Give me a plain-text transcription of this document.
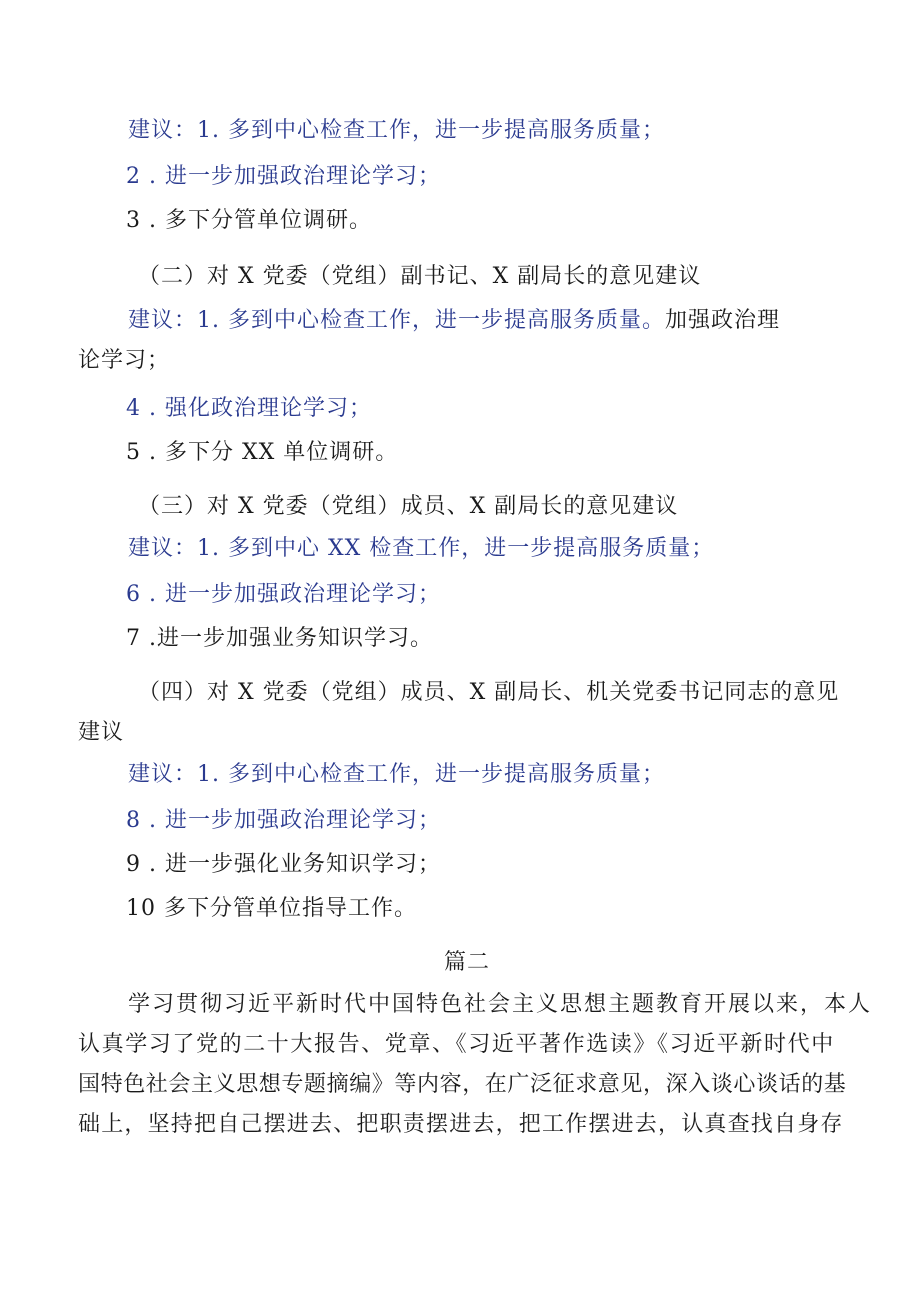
建议：1. 多到中心检查工作，进一步提高服务质量；
2 . 进一步加强政治理论学习；
3 . 多下分管单位调研。
（二）对 X 党委（党组）副书记、X 副局长的意见建议
建议：1. 多到中心检查工作，进一步提高服务质量。加强政治理
论学习；
4 . 强化政治理论学习；
5 . 多下分 XX 单位调研。
（三）对 X 党委（党组）成员、X 副局长的意见建议
建议：1. 多到中心 XX 检查工作，进一步提高服务质量；
6 . 进一步加强政治理论学习；
7 .进一步加强业务知识学习。
（四）对 X 党委（党组）成员、X 副局长、机关党委书记同志的意见
建议
建议：1. 多到中心检查工作，进一步提高服务质量；
8 . 进一步加强政治理论学习；
9 . 进一步强化业务知识学习；
10 多下分管单位指导工作。
篇二
学习贯彻习近平新时代中国特色社会主义思想主题教育开展以来，本人
认真学习了党的二十大报告、党章、《习近平著作选读》《习近平新时代中
国特色社会主义思想专题摘编》等内容，在广泛征求意见，深入谈心谈话的基
础上，坚持把自己摆进去、把职责摆进去，把工作摆进去，认真查找自身存
